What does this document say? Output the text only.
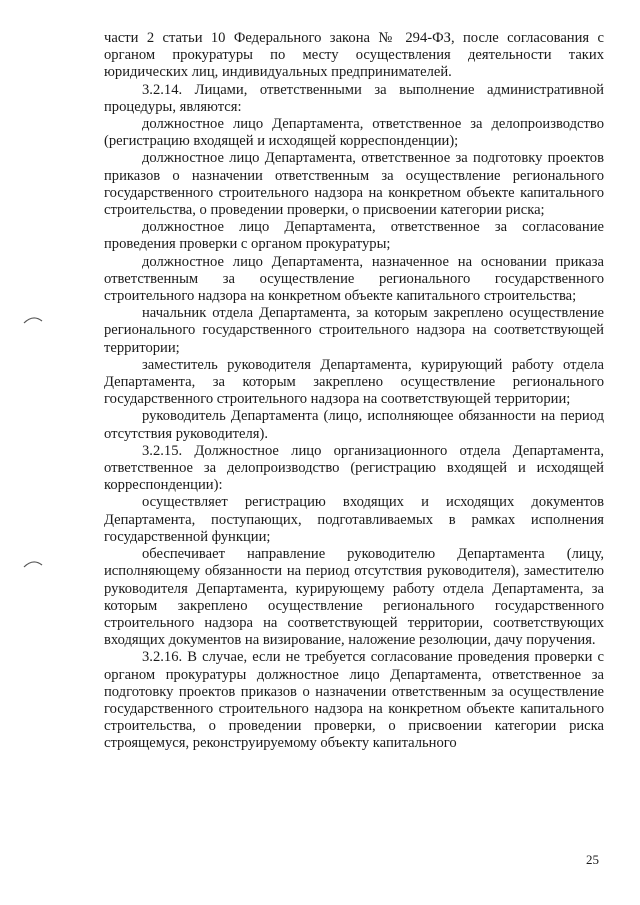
части 2 статьи 10 Федерального закона № 294-ФЗ, после согласования с органом прокуратуры по месту осуществления деятельности таких юридических лиц, индивидуальных предпринимателей.

3.2.14. Лицами, ответственными за выполнение административной процедуры, являются:

должностное лицо Департамента, ответственное за делопроизводство (регистрацию входящей и исходящей корреспонденции);

должностное лицо Департамента, ответственное за подготовку проектов приказов о назначении ответственным за осуществление регионального государственного строительного надзора на конкретном объекте капитального строительства, о проведении проверки, о присвоении категории риска;

должностное лицо Департамента, ответственное за согласование проведения проверки с органом прокуратуры;

должностное лицо Департамента, назначенное на основании приказа ответственным за осуществление регионального государственного строительного надзора на конкретном объекте капитального строительства;

начальник отдела Департамента, за которым закреплено осуществление регионального государственного строительного надзора на соответствующей территории;

заместитель руководителя Департамента, курирующий работу отдела Департамента, за которым закреплено осуществление регионального государственного строительного надзора на соответствующей территории;

руководитель Департамента (лицо, исполняющее обязанности на период отсутствия руководителя).

3.2.15. Должностное лицо организационного отдела Департамента, ответственное за делопроизводство (регистрацию входящей и исходящей корреспонденции):

осуществляет регистрацию входящих и исходящих документов Департамента, поступающих, подготавливаемых в рамках исполнения государственной функции;

обеспечивает направление руководителю Департамента (лицу, исполняющему обязанности на период отсутствия руководителя), заместителю руководителя Департамента, курирующему работу отдела Департамента, за которым закреплено осуществление регионального государственного строительного надзора на соответствующей территории, соответствующих входящих документов на визирование, наложение резолюции, дачу поручения.

3.2.16. В случае, если не требуется согласование проведения проверки с органом прокуратуры должностное лицо Департамента, ответственное за подготовку проектов приказов о назначении ответственным за осуществление государственного строительного надзора на конкретном объекте капитального строительства, о проведении проверки, о присвоении категории риска строящемуся, реконструируемому объекту капитального

25
